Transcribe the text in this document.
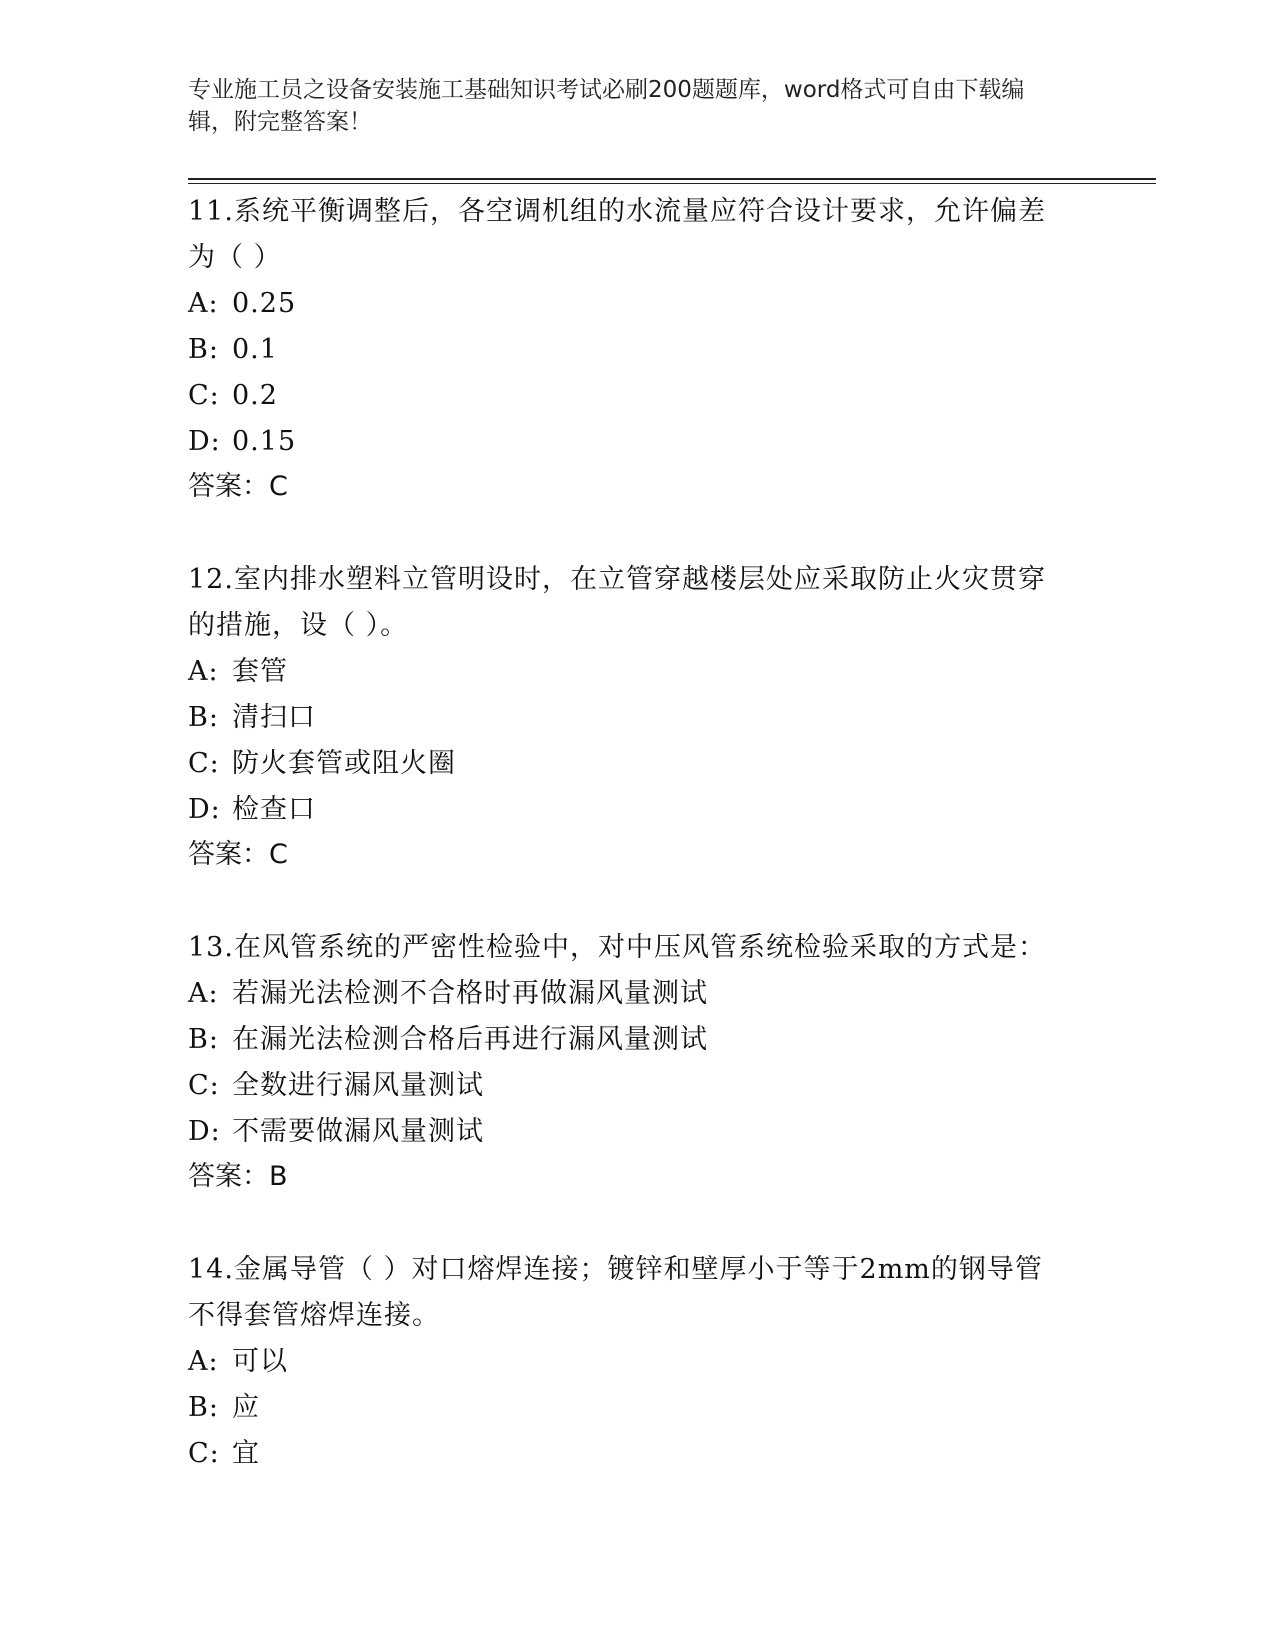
专业施工员之设备安装施工基础知识考试必刷200题题库，word格式可自由下载编辑，附完整答案！
11.系统平衡调整后，各空调机组的水流量应符合设计要求，允许偏差为（ ）
A: 0.25
B: 0.1
C: 0.2
D: 0.15
答案：C
12.室内排水塑料立管明设时，在立管穿越楼层处应采取防止火灾贯穿的措施，设（ ）。
A: 套管
B: 清扫口
C: 防火套管或阻火圈
D: 检查口
答案：C
13.在风管系统的严密性检验中，对中压风管系统检验采取的方式是：
A: 若漏光法检测不合格时再做漏风量测试
B: 在漏光法检测合格后再进行漏风量测试
C: 全数进行漏风量测试
D: 不需要做漏风量测试
答案：B
14.金属导管（ ）对口熔焊连接；镀锌和壁厚小于等于2mm的钢导管不得套管熔焊连接。
A: 可以
B: 应
C: 宜
